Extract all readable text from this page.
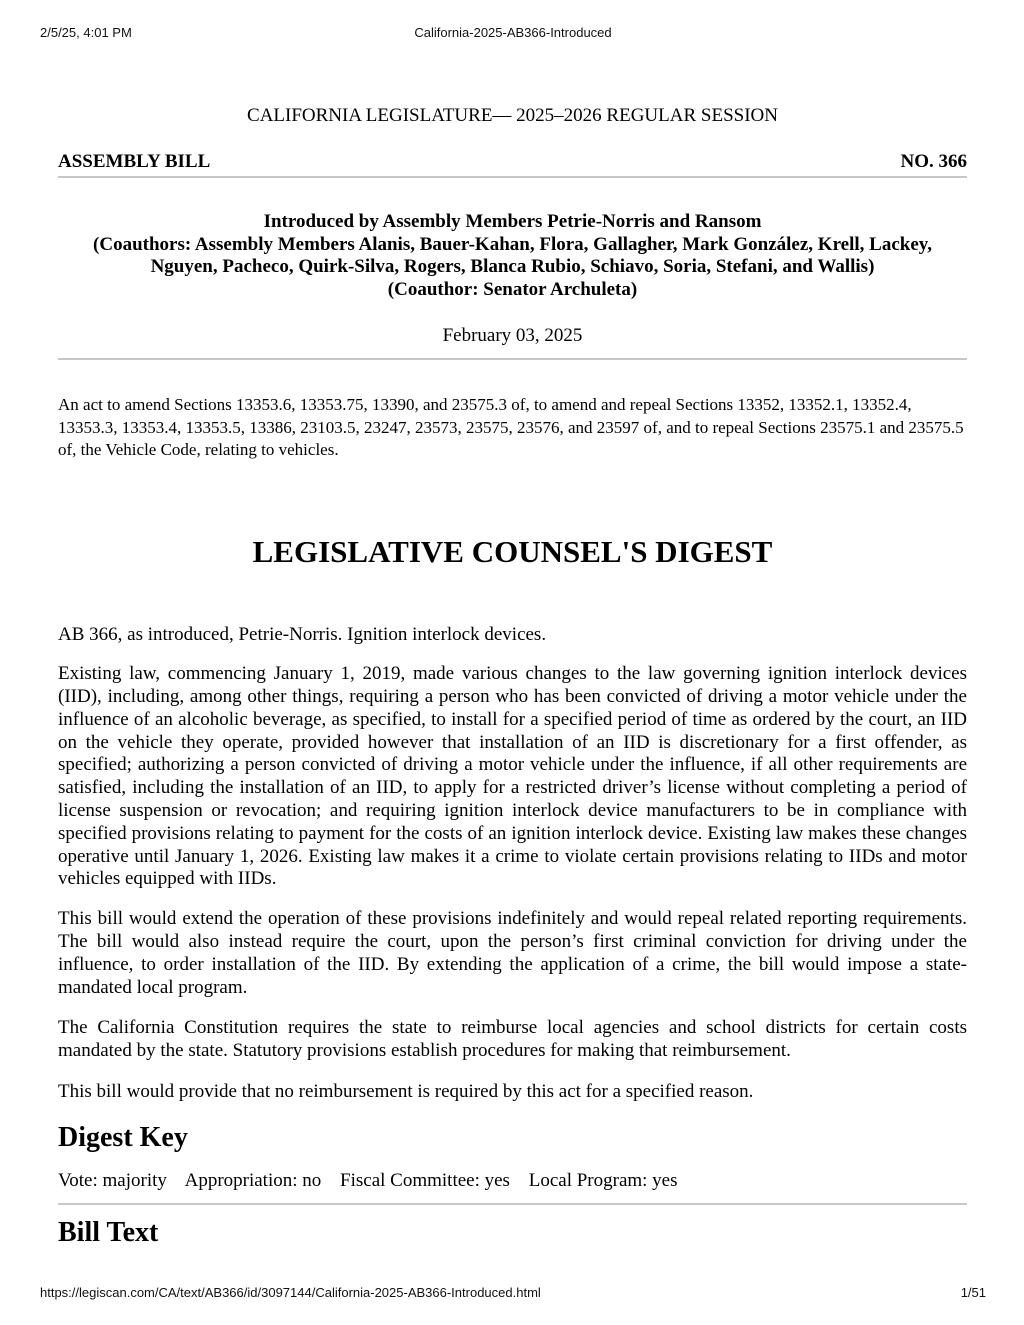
2/5/25, 4:01 PM	California-2025-AB366-Introduced
CALIFORNIA LEGISLATURE— 2025–2026 REGULAR SESSION
ASSEMBLY BILL	NO. 366
Introduced by Assembly Members Petrie-Norris and Ransom
(Coauthors: Assembly Members Alanis, Bauer-Kahan, Flora, Gallagher, Mark González, Krell, Lackey, Nguyen, Pacheco, Quirk-Silva, Rogers, Blanca Rubio, Schiavo, Soria, Stefani, and Wallis)
(Coauthor: Senator Archuleta)
February 03, 2025
An act to amend Sections 13353.6, 13353.75, 13390, and 23575.3 of, to amend and repeal Sections 13352, 13352.1, 13352.4, 13353.3, 13353.4, 13353.5, 13386, 23103.5, 23247, 23573, 23575, 23576, and 23597 of, and to repeal Sections 23575.1 and 23575.5 of, the Vehicle Code, relating to vehicles.
LEGISLATIVE COUNSEL'S DIGEST

AB 366, as introduced, Petrie-Norris. Ignition interlock devices.

Existing law, commencing January 1, 2019, made various changes to the law governing ignition interlock devices (IID), including, among other things, requiring a person who has been convicted of driving a motor vehicle under the influence of an alcoholic beverage, as specified, to install for a specified period of time as ordered by the court, an IID on the vehicle they operate, provided however that installation of an IID is discretionary for a first offender, as specified; authorizing a person convicted of driving a motor vehicle under the influence, if all other requirements are satisfied, including the installation of an IID, to apply for a restricted driver’s license without completing a period of license suspension or revocation; and requiring ignition interlock device manufacturers to be in compliance with specified provisions relating to payment for the costs of an ignition interlock device. Existing law makes these changes operative until January 1, 2026. Existing law makes it a crime to violate certain provisions relating to IIDs and motor vehicles equipped with IIDs.

This bill would extend the operation of these provisions indefinitely and would repeal related reporting requirements. The bill would also instead require the court, upon the person’s first criminal conviction for driving under the influence, to order installation of the IID. By extending the application of a crime, the bill would impose a state-mandated local program.

The California Constitution requires the state to reimburse local agencies and school districts for certain costs mandated by the state. Statutory provisions establish procedures for making that reimbursement.

This bill would provide that no reimbursement is required by this act for a specified reason.

Digest Key
Vote: majority Appropriation: no Fiscal Committee: yes Local Program: yes
Bill Text
https://legiscan.com/CA/text/AB366/id/3097144/California-2025-AB366-Introduced.html	1/51
